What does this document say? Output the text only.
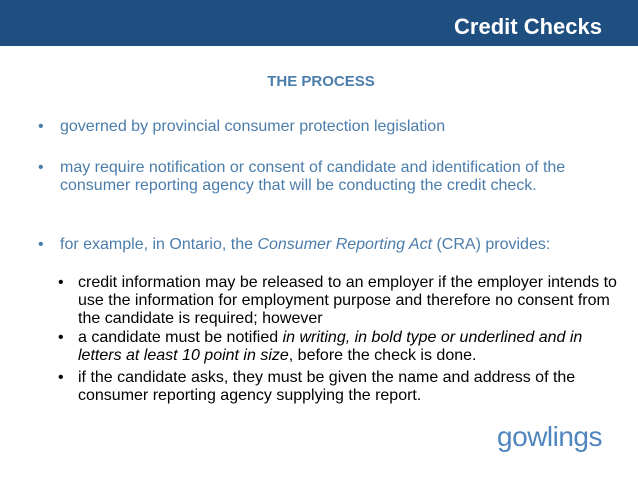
Credit Checks
THE PROCESS
• governed by provincial consumer protection legislation
• may require notification or consent of candidate and identification of the consumer reporting agency that will be conducting the credit check.
• for example, in Ontario, the Consumer Reporting Act (CRA) provides:
• credit information may be released to an employer if the employer intends to use the information for employment purpose and therefore no consent from the candidate is required; however
• a candidate must be notified in writing, in bold type or underlined and in letters at least 10 point in size, before the check is done.
• if the candidate asks, they must be given the name and address of the consumer reporting agency supplying the report.
gowlings
